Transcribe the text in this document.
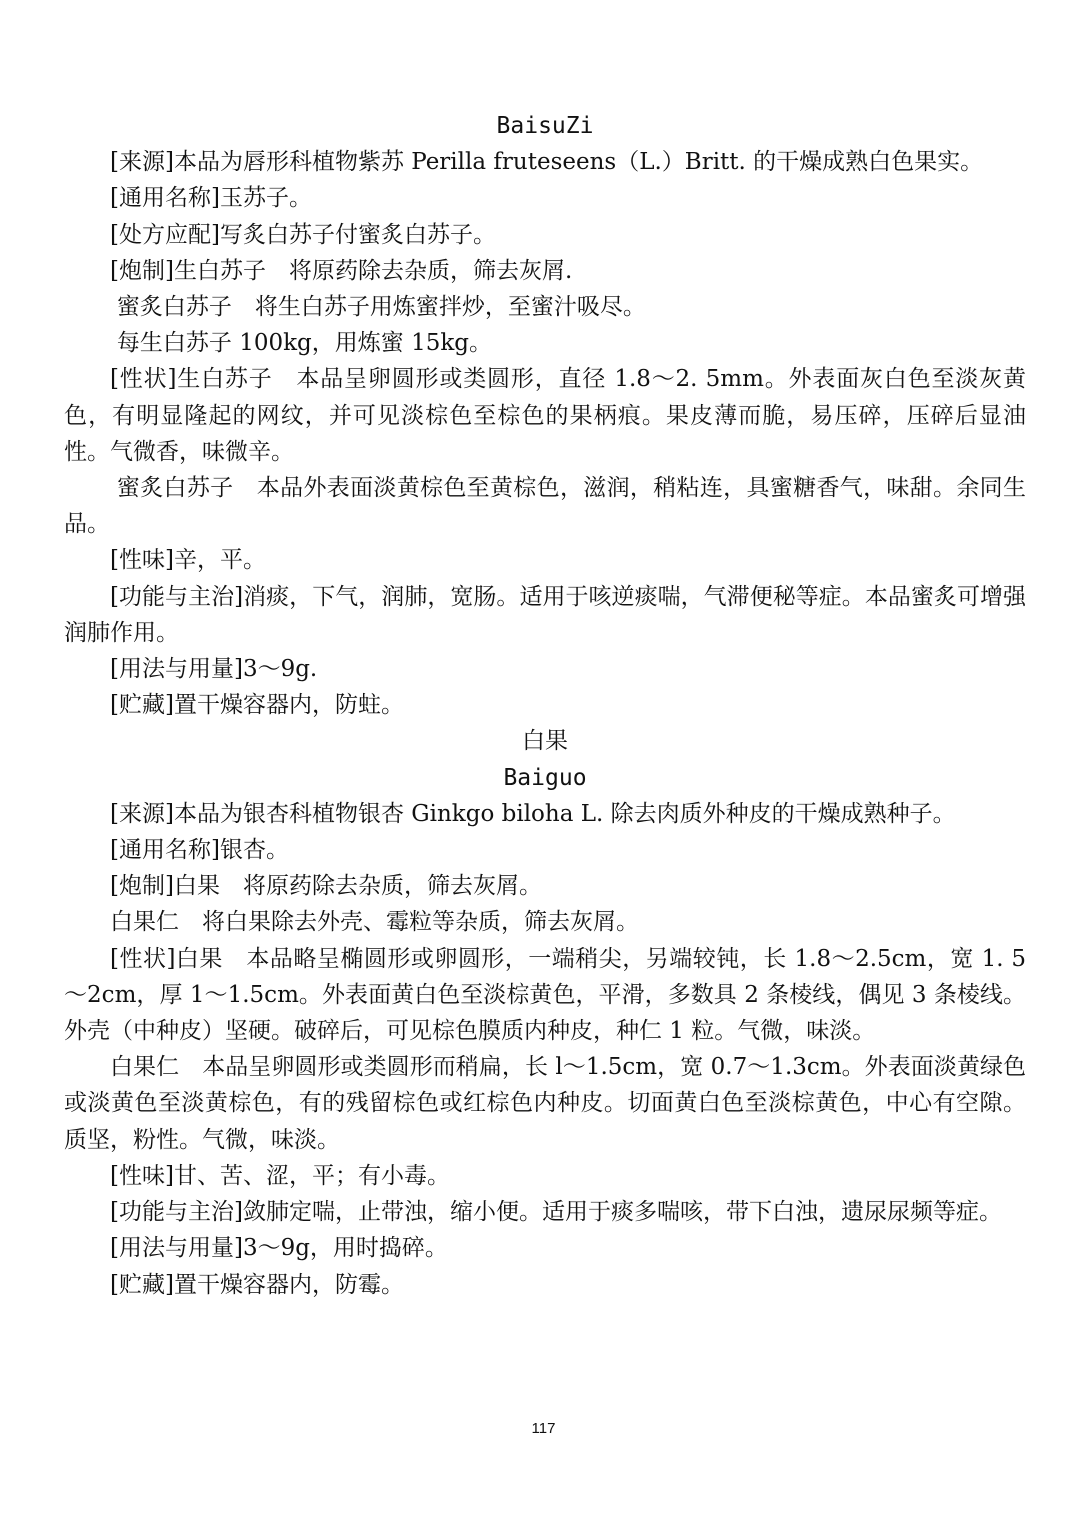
BaisuZi
[来源]本品为唇形科植物紫苏 Perilla fruteseens（L.）Britt. 的干燥成熟白色果实。
[通用名称]玉苏子。
[处方应配]写炙白苏子付蜜炙白苏子。
[炮制]生白苏子　将原药除去杂质，筛去灰屑.
蜜炙白苏子　将生白苏子用炼蜜拌炒，至蜜汁吸尽。
每生白苏子 100kg，用炼蜜 15kg。
[性状]生白苏子　本品呈卵圆形或类圆形，直径 1.8～2. 5mm。外表面灰白色至淡灰黄色，有明显隆起的网纹，并可见淡棕色至棕色的果柄痕。果皮薄而脆，易压碎，压碎后显油性。气微香，味微辛。
蜜炙白苏子　本品外表面淡黄棕色至黄棕色，滋润，稍粘连，具蜜糖香气，味甜。余同生品。
[性味]辛，平。
[功能与主治]消痰，下气，润肺，宽肠。适用于咳逆痰喘，气滞便秘等症。本品蜜炙可增强润肺作用。
[用法与用量]3～9g.
[贮藏]置干燥容器内，防蛀。
白果
Baiguo
[来源]本品为银杏科植物银杏 Ginkgo biloha L. 除去肉质外种皮的干燥成熟种子。
[通用名称]银杏。
[炮制]白果　将原药除去杂质，筛去灰屑。
白果仁　将白果除去外壳、霉粒等杂质，筛去灰屑。
[性状]白果　本品略呈椭圆形或卵圆形，一端稍尖，另端较钝，长 1.8～2.5cm，宽 1. 5～2cm，厚 1～1.5cm。外表面黄白色至淡棕黄色，平滑，多数具 2 条棱线，偶见 3 条棱线。外壳（中种皮）坚硬。破碎后，可见棕色膜质内种皮，种仁 1 粒。气微，味淡。
白果仁　本品呈卵圆形或类圆形而稍扁，长 l～1.5cm，宽 0.7～1.3cm。外表面淡黄绿色或淡黄色至淡黄棕色，有的残留棕色或红棕色内种皮。切面黄白色至淡棕黄色，中心有空隙。质坚，粉性。气微，味淡。
[性味]甘、苦、涩，平；有小毒。
[功能与主治]敛肺定喘，止带浊，缩小便。适用于痰多喘咳，带下白浊，遗尿尿频等症。
[用法与用量]3～9g，用时捣碎。
[贮藏]置干燥容器内，防霉。
117
